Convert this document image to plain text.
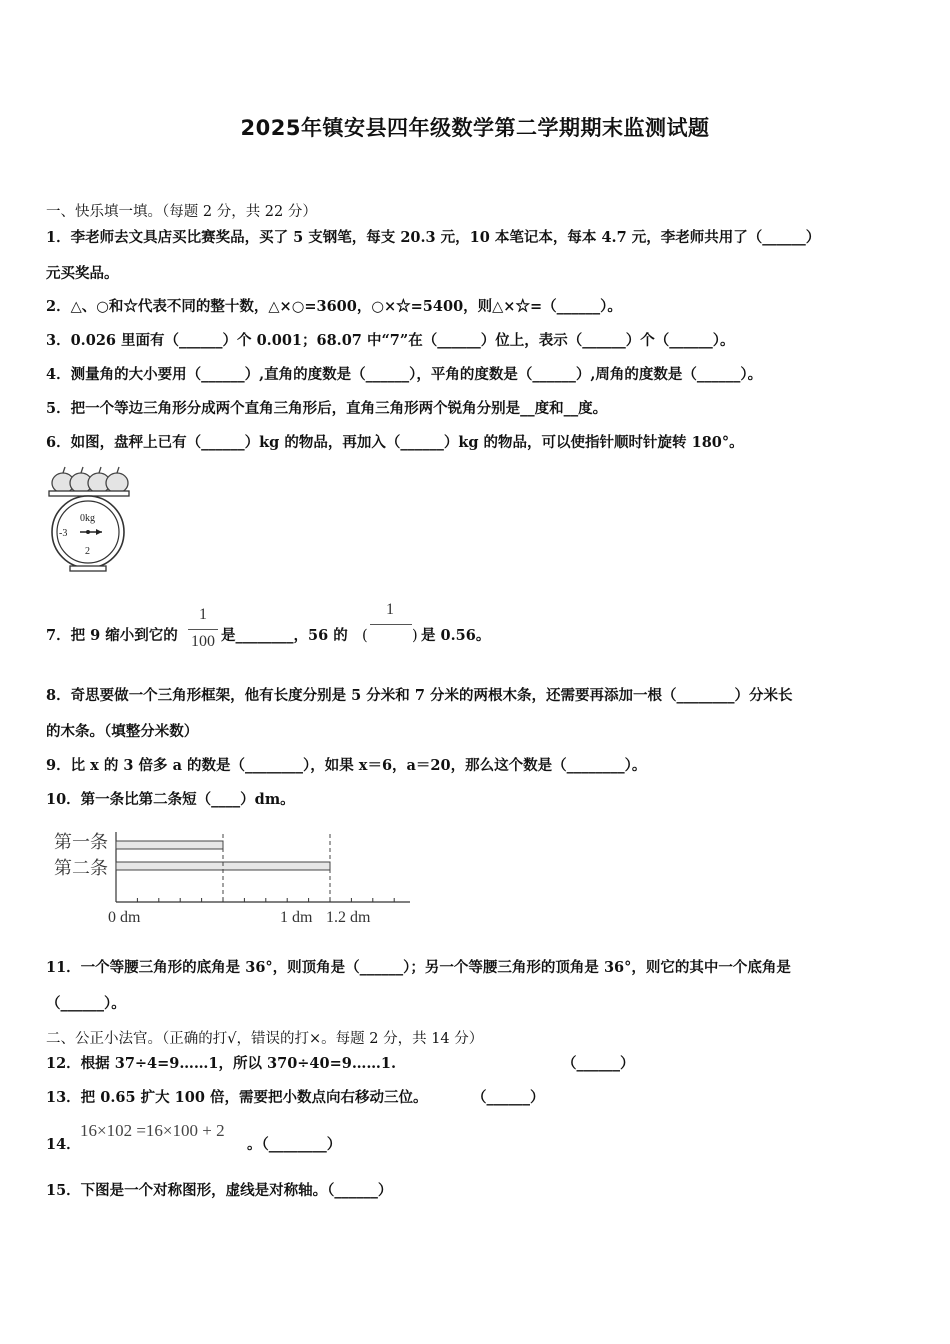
2025年镇安县四年级数学第二学期期末监测试题
一、快乐填一填。（每题 2 分，共 22 分）
1．李老师去文具店买比赛奖品，买了 5 支钢笔，每支 20.3 元，10 本笔记本，每本 4.7 元，李老师共用了（______）
元买奖品。
2．△、○和☆代表不同的整十数，△×○=3600，○×☆=5400，则△×☆=（______）。
3．0.026 里面有（______）个 0.001；68.07 中“7”在（______）位上，表示（______）个（______）。
4．测量角的大小要用（______）,直角的度数是（______），平角的度数是（______）,周角的度数是（______）。
5．把一个等边三角形分成两个直角三角形后，直角三角形两个锐角分别是__度和__度。
6．如图，盘秤上已有（______）kg 的物品，再加入（______）kg 的物品，可以使指针顺时针旋转 180°。
0kg
-3
2
7．把 9 缩小到它的
1
100 是________，56 的
1
(	) 是 0.56。
8．奇思要做一个三角形框架，他有长度分别是 5 分米和 7 分米的两根木条，还需要再添加一根（________）分米长
的木条。（填整分米数）
9．比 x 的 3 倍多 a 的数是（________），如果 x＝6，a＝20，那么这个数是（________）。
10．第一条比第二条短（____）dm。
第一条
第二条
0 dm	1 dm 1.2 dm
11．一个等腰三角形的底角是 36°，则顶角是（______）；另一个等腰三角形的顶角是 36°，则它的其中一个底角是
（______）。
二、公正小法官。（正确的打√，错误的打×。每题 2 分，共 14 分）
12．根据 37÷4=9……1，所以 370÷40=9……1.	（______）
13．把 0.65 扩大 100 倍，需要把小数点向右移动三位。	（______）
14．
16×102 =16×100 + 2
。（________）
15．下图是一个对称图形，虚线是对称轴。（______）
